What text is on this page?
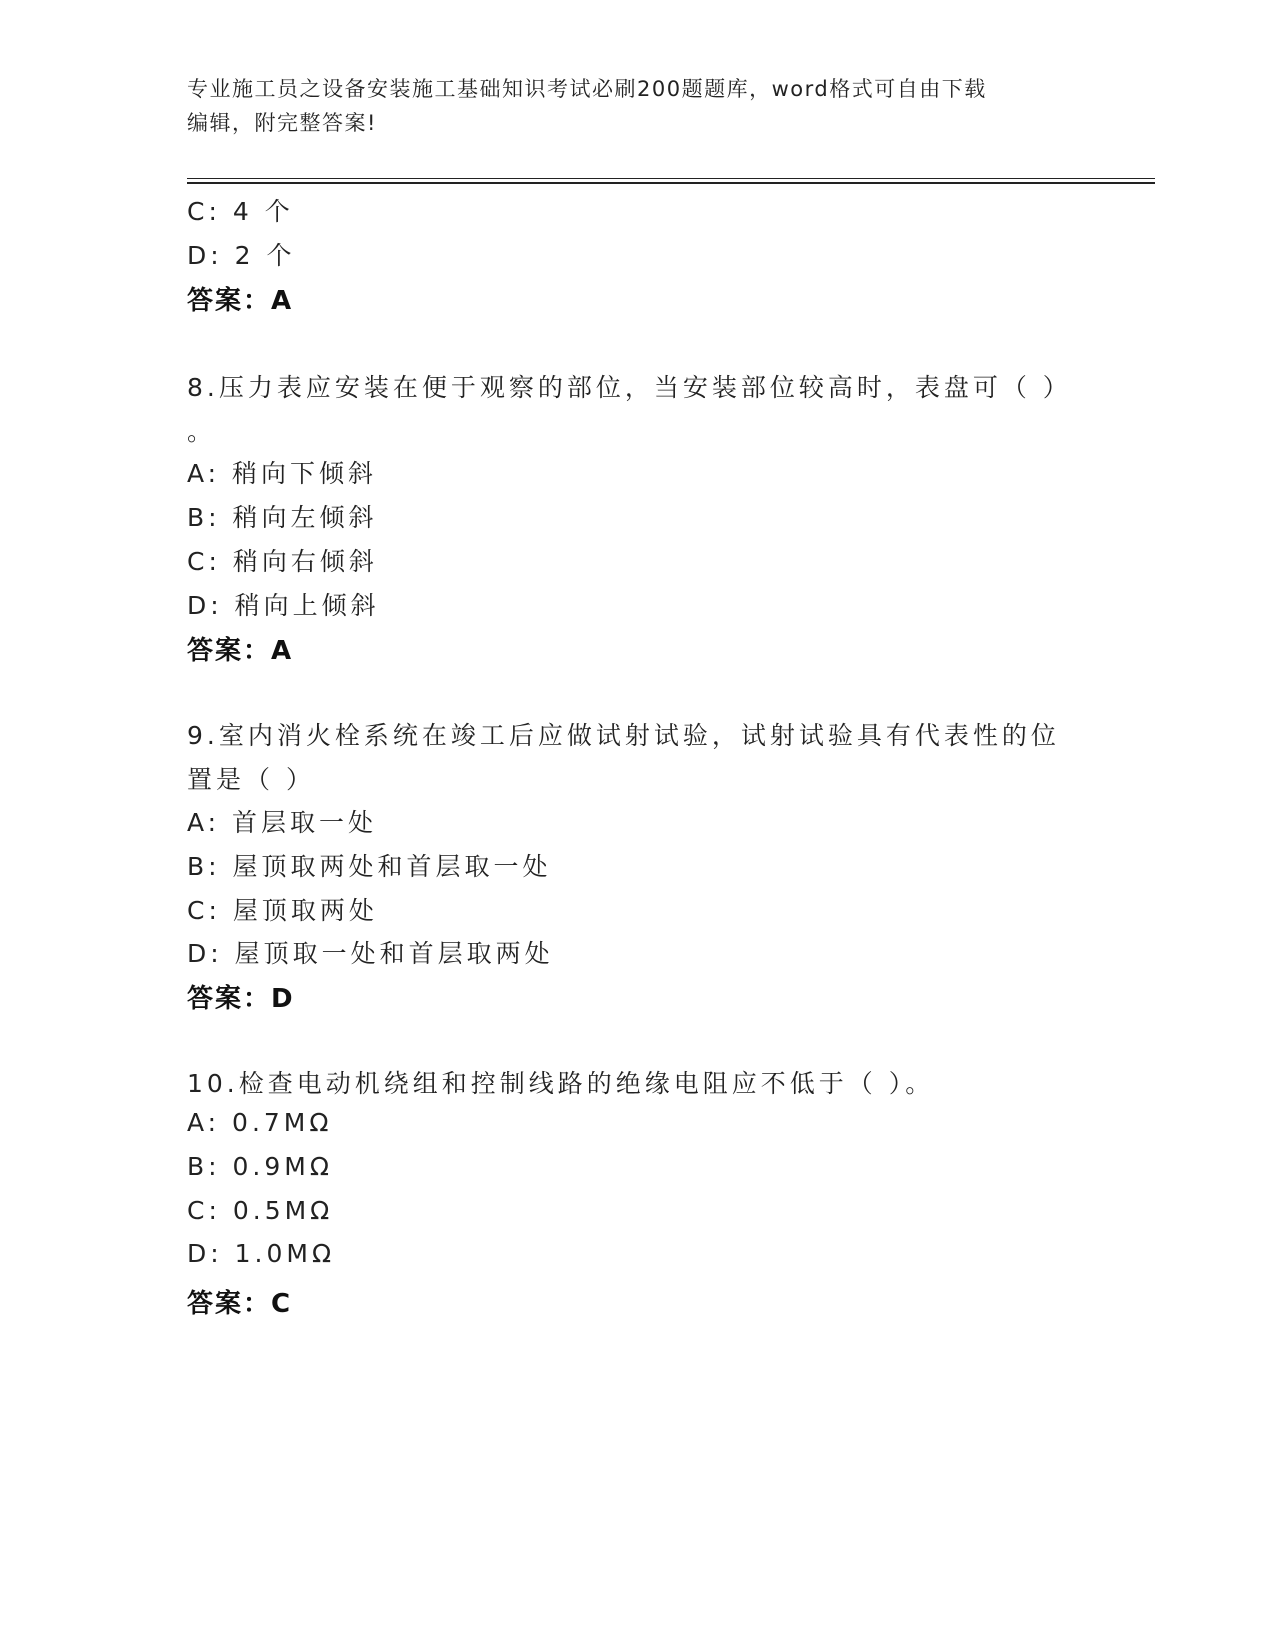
专业施工员之设备安装施工基础知识考试必刷200题题库，word格式可自由下载
编辑，附完整答案!
C: 4 个
D: 2 个
答案：A
8.压力表应安装在便于观察的部位，当安装部位较高时，表盘可（ ）
。
A: 稍向下倾斜
B: 稍向左倾斜
C: 稍向右倾斜
D: 稍向上倾斜
答案：A
9.室内消火栓系统在竣工后应做试射试验，试射试验具有代表性的位
置是（ ）
A: 首层取一处
B: 屋顶取两处和首层取一处
C: 屋顶取两处
D: 屋顶取一处和首层取两处
答案：D
10.检查电动机绕组和控制线路的绝缘电阻应不低于（ ）。
A: 0.7MΩ
B: 0.9MΩ
C: 0.5MΩ
D: 1.0MΩ
答案：C
